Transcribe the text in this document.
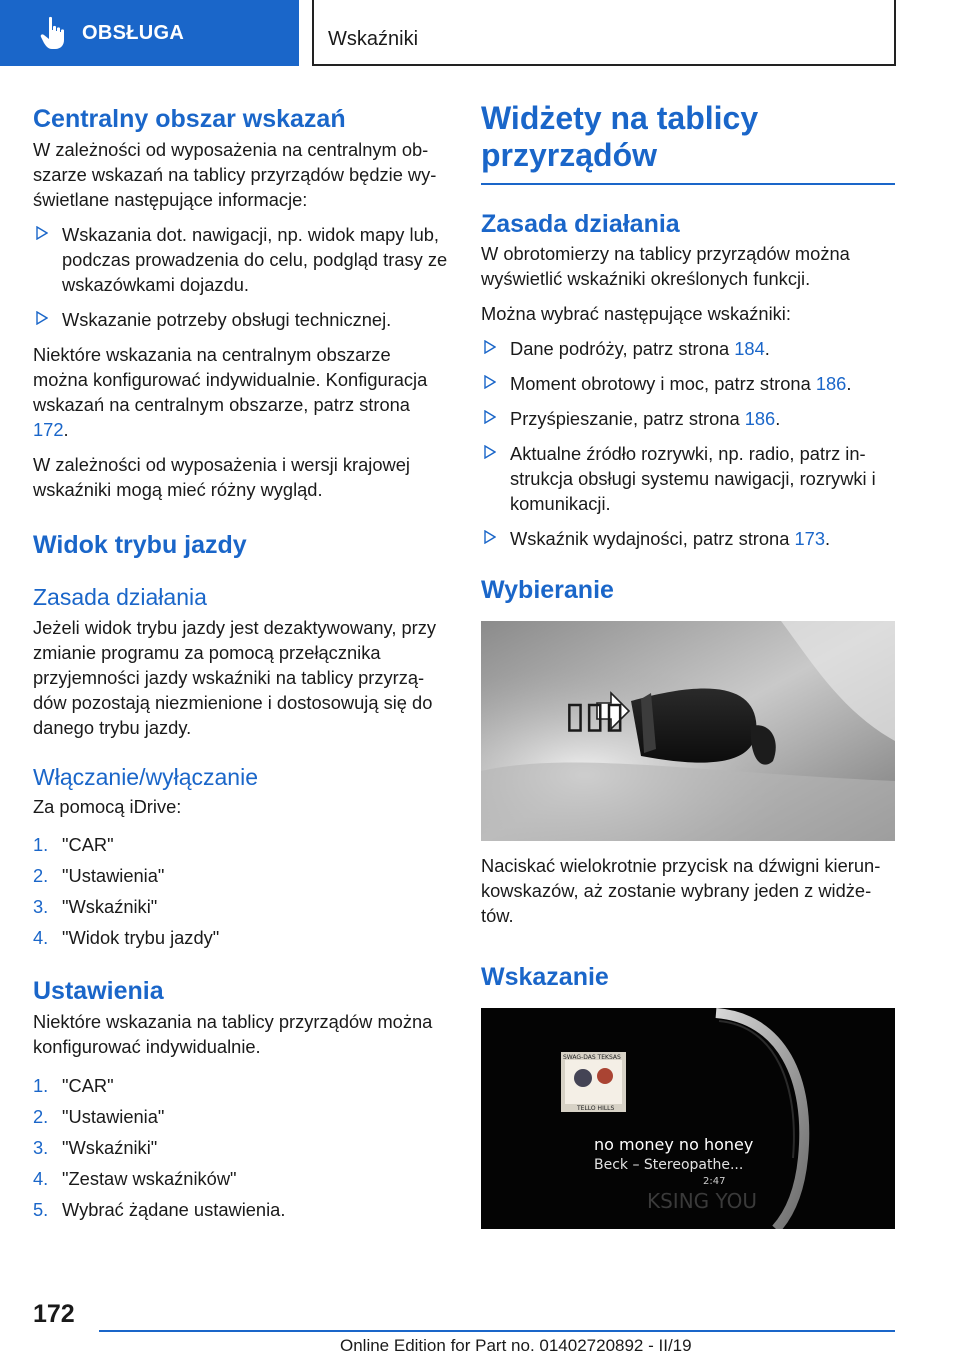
OBSŁUGA	Wskaźniki
Centralny obszar wskazań

W zależności od wyposażenia na centralnym ob-szarze wskazań na tablicy przyrządów będzie wy-świetlane następujące informacje:

Wskazania dot. nawigacji, np. widok mapy lub, podczas prowadzenia do celu, podgląd trasy ze wskazówkami dojazdu.
Wskazanie potrzeby obsługi technicznej.

Niektóre wskazania na centralnym obszarze można konfigurować indywidualnie. Konfiguracja wskazań na centralnym obszarze, patrz strona 172.

W zależności od wyposażenia i wersji krajowej wskaźniki mogą mieć różny wygląd.

Widok trybu jazdy
Zasada działania

Jeżeli widok trybu jazdy jest dezaktywowany, przy zmianie programu za pomocą przełącznika przyjemności jazdy wskaźniki na tablicy przyrzą-dów pozostają niezmienione i dostosowują się do danego trybu jazdy.

Włączanie/wyłączanie

Za pomocą iDrive:

1. "CAR"
2. "Ustawienia"
3. "Wskaźniki"
4. "Widok trybu jazdy"
Ustawienia

Niektóre wskazania na tablicy przyrządów można konfigurować indywidualnie.

1. "CAR"
2. "Ustawienia"
3. "Wskaźniki"
4. "Zestaw wskaźników"
5. Wybrać żądane ustawienia.
Widżety na tablicy przyrządów
Zasada działania

W obrotomierzy na tablicy przyrządów można wyświetlić wskaźniki określonych funkcji.

Można wybrać następujące wskaźniki:

Dane podróży, patrz strona 184.
Moment obrotowy i moc, patrz strona 186.
Przyśpieszanie, patrz strona 186.
Aktualne źródło rozrywki, np. radio, patrz in-strukcja obsługi systemu nawigacji, rozrywki i komunikacji.
Wskaźnik wydajności, patrz strona 173.
Wybieranie
▯▯▯

Naciskać wielokrotnie przycisk na dźwigni kierun-kowskazów, aż zostanie wybrany jeden z widże-tów.

Wskazanie
SWAG-DAS TEKSAS
TELLO HILLS
no money no honey
Beck – Stereopathe...
2:47
KSING YOU
172
Online Edition for Part no. 01402720892 - II/19
